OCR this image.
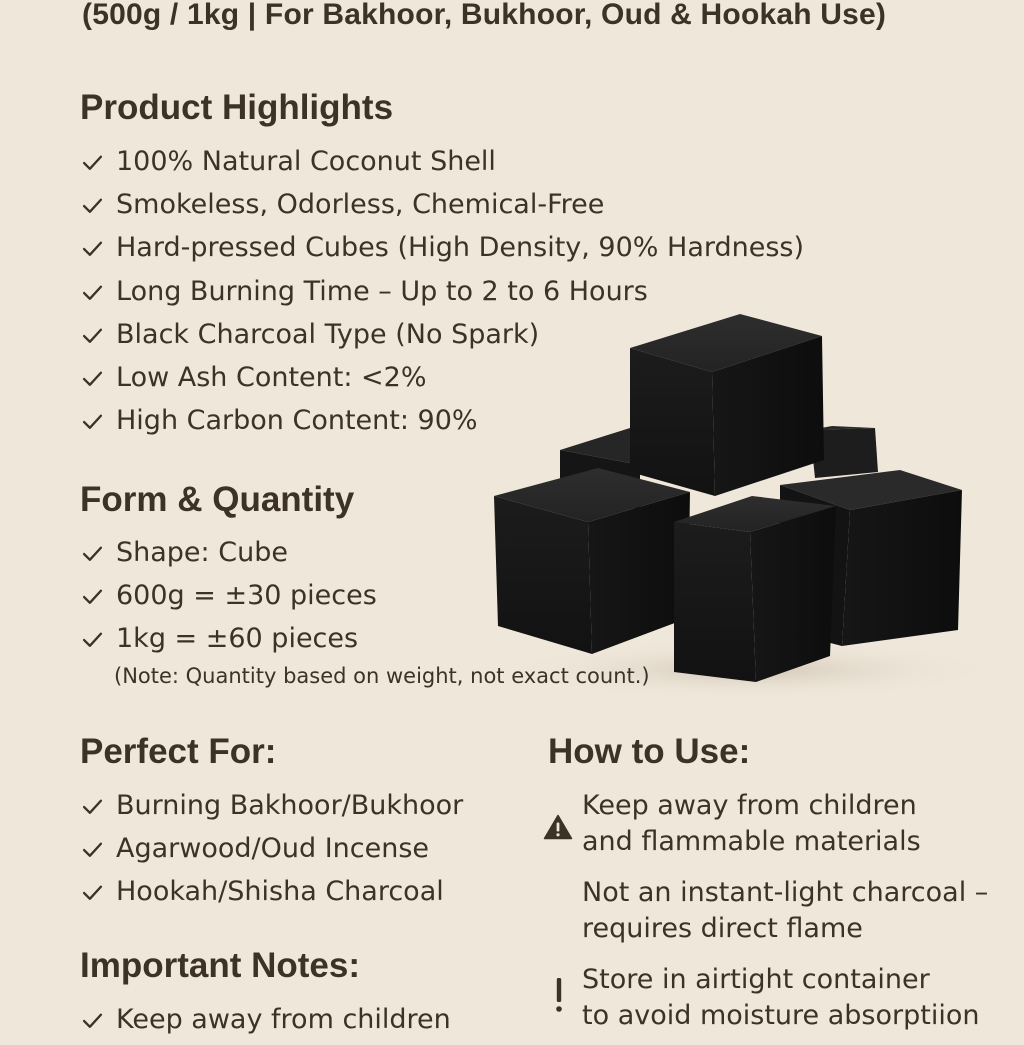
(500g / 1kg | For Bakhoor, Bukhoor, Oud & Hookah Use)
Product Highlights
100% Natural Coconut Shell
Smokeless, Odorless, Chemical-Free
Hard-pressed Cubes (High Density, 90% Hardness)
Long Burning Time – Up to 2 to 6 Hours
Black Charcoal Type (No Spark)
Low Ash Content: <2%
High Carbon Content: 90%
Form & Quantity
Shape: Cube
600g = ±30 pieces
1kg = ±60 pieces

(Note: Quantity based on weight, not exact count.)

Perfect For:
Burning Bakhoor/Bukhoor
Agarwood/Oud Incense
Hookah/Shisha Charcoal
Important Notes:
Keep away from children
How to Use:

Keep away from children

and flammable materials

Not an instant-light charcoal –

requires direct flame

Store in airtight container

to avoid moisture absorptiion
